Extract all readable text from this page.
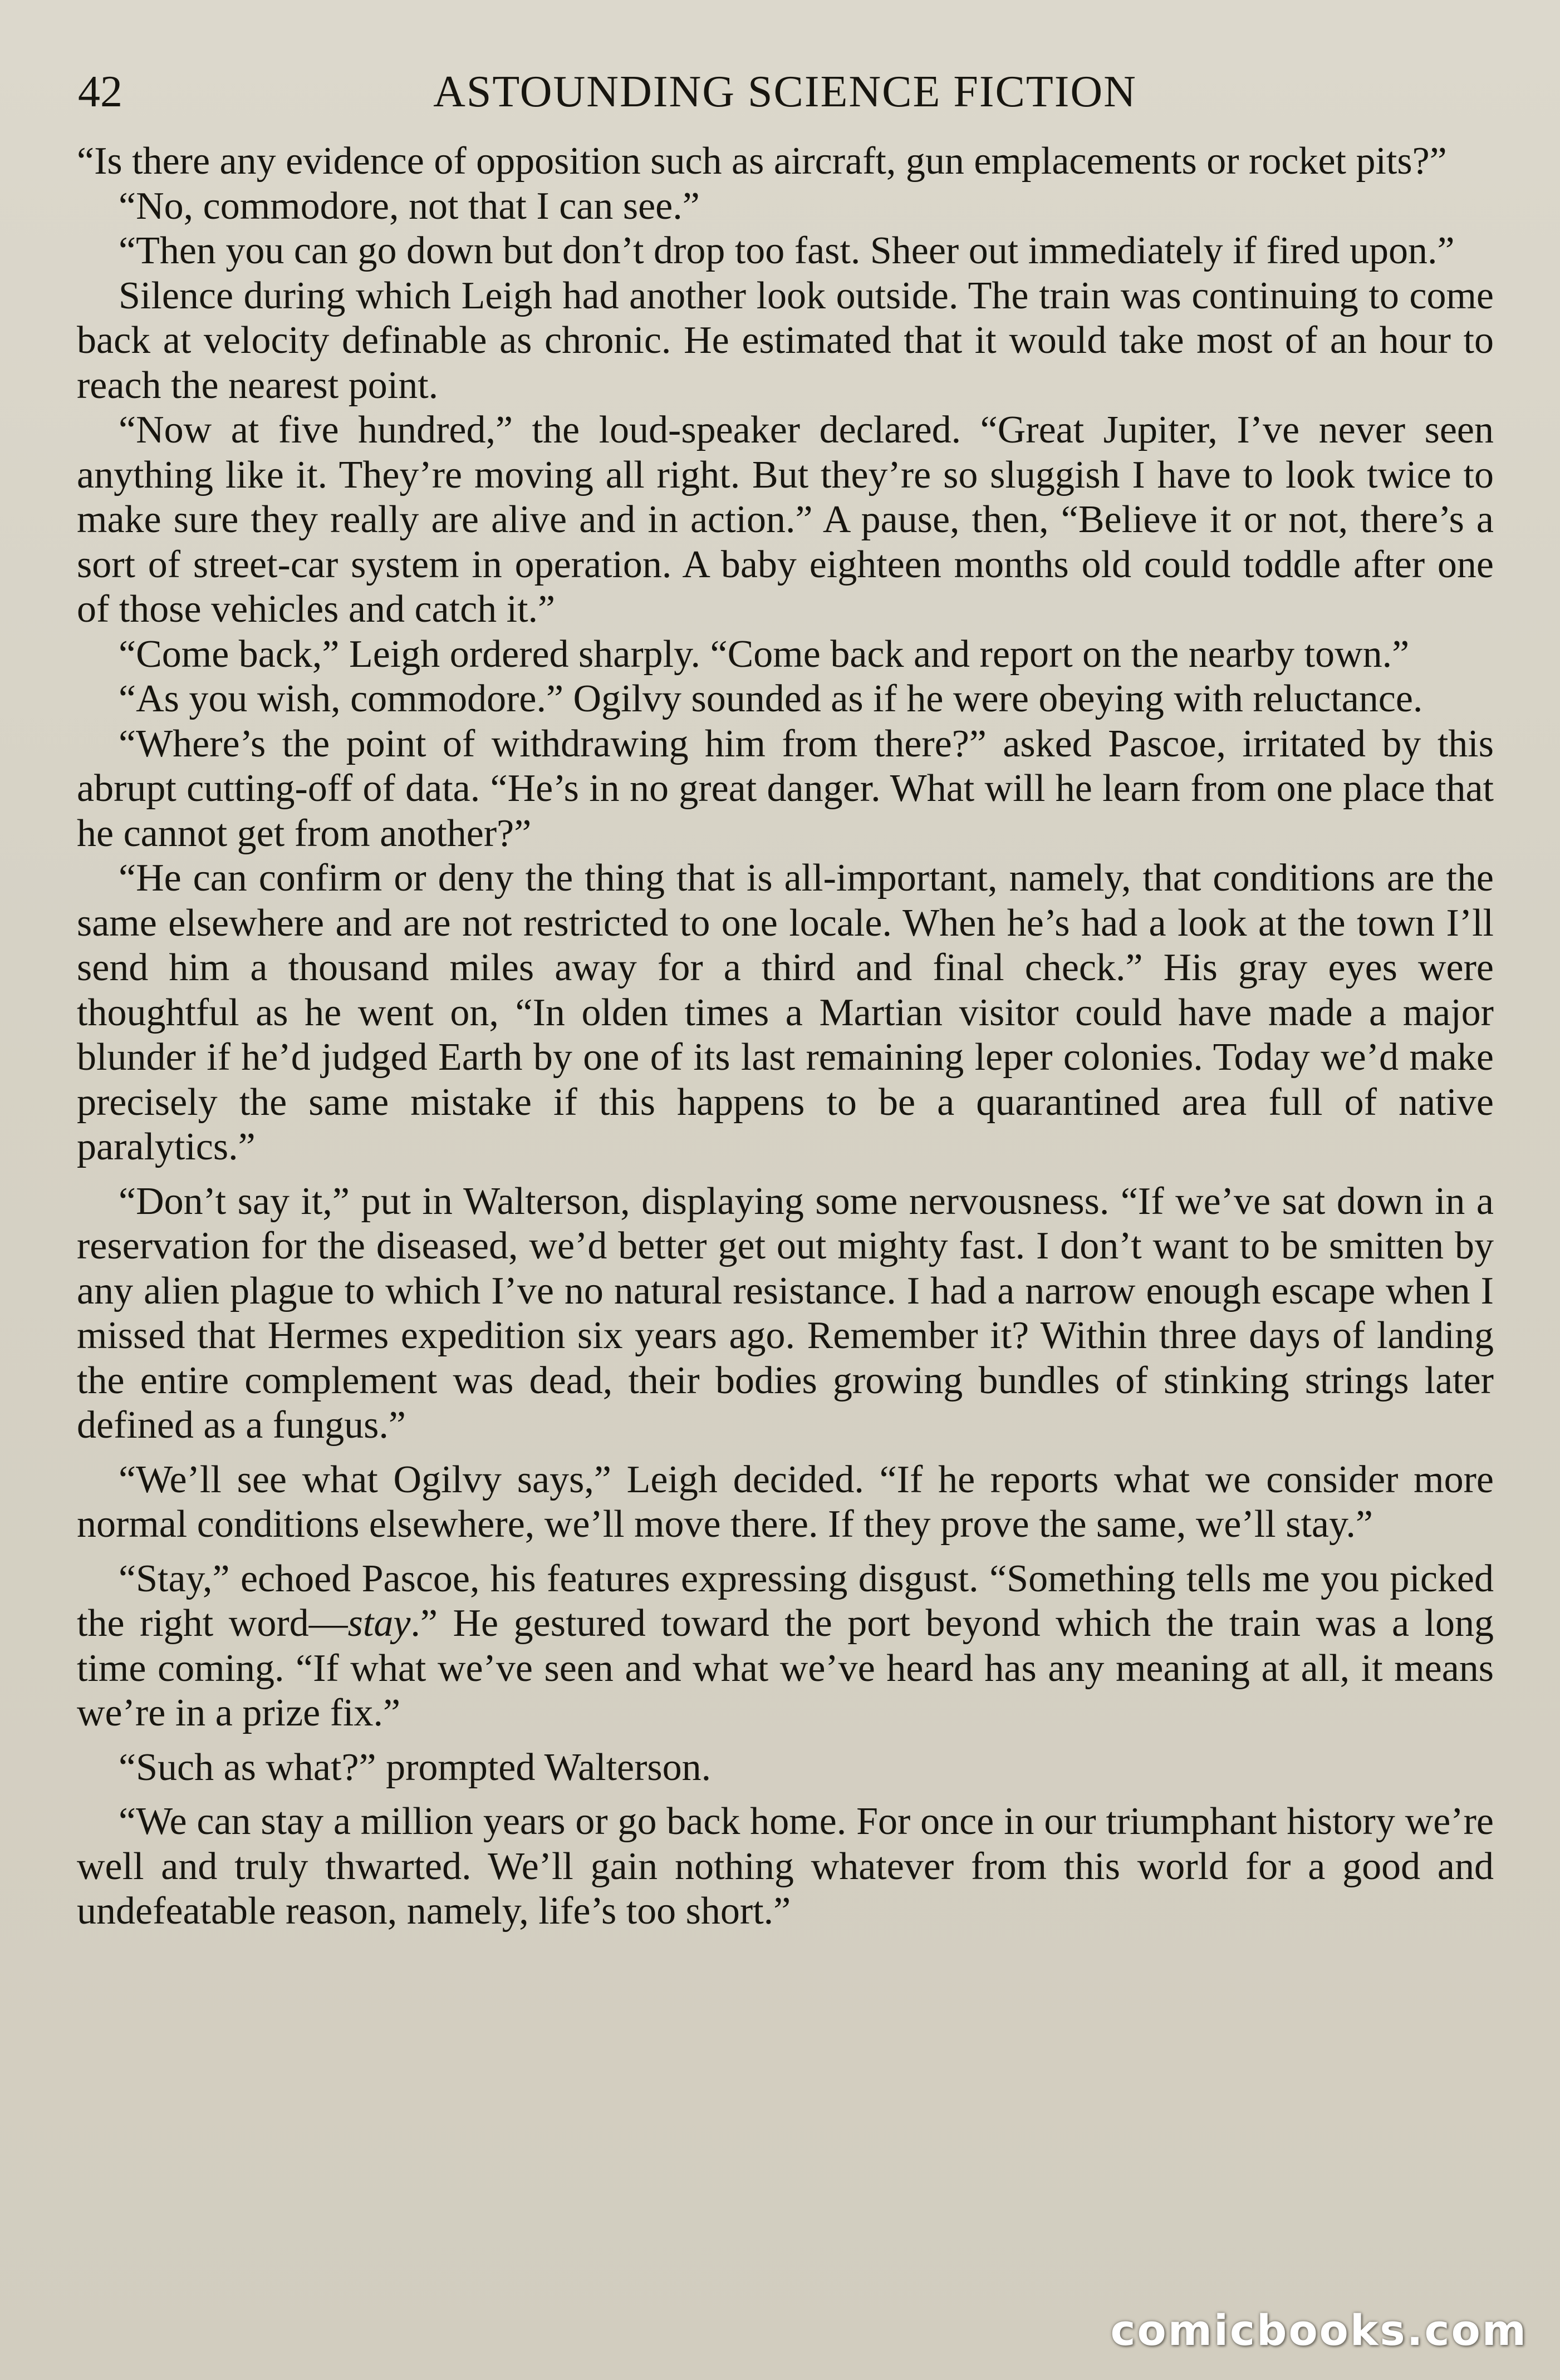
42	ASTOUNDING SCIENCE FICTION

“Is there any evidence of opposition such as aircraft, gun emplacements or rocket pits?”

“No, commodore, not that I can see.”

“Then you can go down but don’t drop too fast. Sheer out immediately if fired upon.”

Silence during which Leigh had another look outside. The train was continuing to come back at velocity definable as chronic. He estimated that it would take most of an hour to reach the nearest point.

“Now at five hundred,” the loud-speaker declared. “Great Jupiter, I’ve never seen anything like it. They’re moving all right. But they’re so sluggish I have to look twice to make sure they really are alive and in action.” A pause, then, “Believe it or not, there’s a sort of street-car system in operation. A baby eighteen months old could toddle after one of those vehicles and catch it.”

“Come back,” Leigh ordered sharply. “Come back and report on the nearby town.”

“As you wish, commodore.” Ogilvy sounded as if he were obeying with reluctance.

“Where’s the point of withdrawing him from there?” asked Pascoe, irritated by this abrupt cutting-off of data. “He’s in no great danger. What will he learn from one place that he cannot get from another?”

“He can confirm or deny the thing that is all-important, namely, that conditions are the same elsewhere and are not restricted to one locale. When he’s had a look at the town I’ll send him a thousand miles away for a third and final check.” His gray eyes were thoughtful as he went on, “In olden times a Martian visitor could have made a major blunder if he’d judged Earth by one of its last remaining leper colonies. Today we’d make precisely the same mistake if this happens to be a quarantined area full of native paralytics.”

“Don’t say it,” put in Walterson, displaying some nervousness. “If we’ve sat down in a reservation for the diseased, we’d better get out mighty fast. I don’t want to be smitten by any alien plague to which I’ve no natural resistance. I had a narrow enough escape when I missed that Hermes expedition six years ago. Remember it? Within three days of landing the entire complement was dead, their bodies growing bundles of stinking strings later defined as a fungus.”

“We’ll see what Ogilvy says,” Leigh decided. “If he reports what we consider more normal conditions elsewhere, we’ll move there. If they prove the same, we’ll stay.”

“Stay,” echoed Pascoe, his features expressing disgust. “Something tells me you picked the right word—stay.” He gestured toward the port beyond which the train was a long time coming. “If what we’ve seen and what we’ve heard has any meaning at all, it means we’re in a prize fix.”

“Such as what?” prompted Walterson.

“We can stay a million years or go back home. For once in our triumphant history we’re well and truly thwarted. We’ll gain nothing whatever from this world for a good and undefeatable reason, namely, life’s too short.”

comicbooks.com
